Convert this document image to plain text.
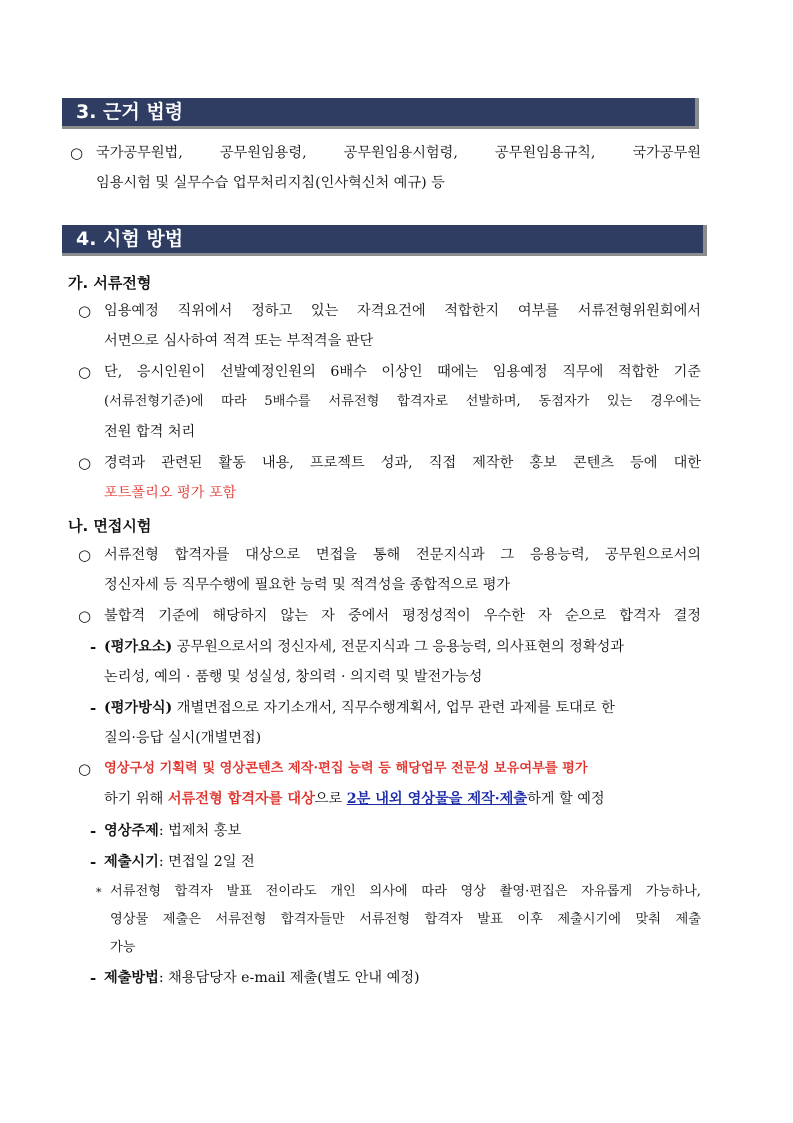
3. 근거 법령
○ 국가공무원법, 공무원임용령, 공무원임용시험령, 공무원임용규칙, 국가공무원
임용시험 및 실무수습 업무처리지침(인사혁신처 예규) 등
4. 시험 방법
가. 서류전형
○ 임용예정 직위에서 정하고 있는 자격요건에 적합한지 여부를 서류전형위원회에서
서면으로 심사하여 적격 또는 부적격을 판단
○ 단, 응시인원이 선발예정인원의 6배수 이상인 때에는 임용예정 직무에 적합한 기준
(서류전형기준)에 따라 5배수를 서류전형 합격자로 선발하며, 동점자가 있는 경우에는
전원 합격 처리
○ 경력과 관련된 활동 내용, 프로젝트 성과, 직접 제작한 홍보 콘텐츠 등에 대한
포트폴리오 평가 포함
나. 면접시험
○ 서류전형 합격자를 대상으로 면접을 통해 전문지식과 그 응용능력, 공무원으로서의
정신자세 등 직무수행에 필요한 능력 및 적격성을 종합적으로 평가
○ 불합격 기준에 해당하지 않는 자 중에서 평정성적이 우수한 자 순으로 합격자 결정
- (평가요소) 공무원으로서의 정신자세, 전문지식과 그 응용능력, 의사표현의 정확성과
논리성, 예의 · 품행 및 성실성, 창의력 · 의지력 및 발전가능성
- (평가방식) 개별면접으로 자기소개서, 직무수행계획서, 업무 관련 과제를 토대로 한
질의·응답 실시(개별면접)
○ 영상구성 기획력 및 영상콘텐츠 제작·편집 능력 등 해당업무 전문성 보유여부를 평가
하기 위해 서류전형 합격자를 대상으로 2분 내외 영상물을 제작·제출하게 할 예정
- 영상주제: 법제처 홍보
- 제출시기: 면접일 2일 전
* 서류전형 합격자 발표 전이라도 개인 의사에 따라 영상 촬영·편집은 자유롭게 가능하나,
영상물 제출은 서류전형 합격자들만 서류전형 합격자 발표 이후 제출시기에 맞춰 제출
가능
- 제출방법: 채용담당자 e-mail 제출(별도 안내 예정)
